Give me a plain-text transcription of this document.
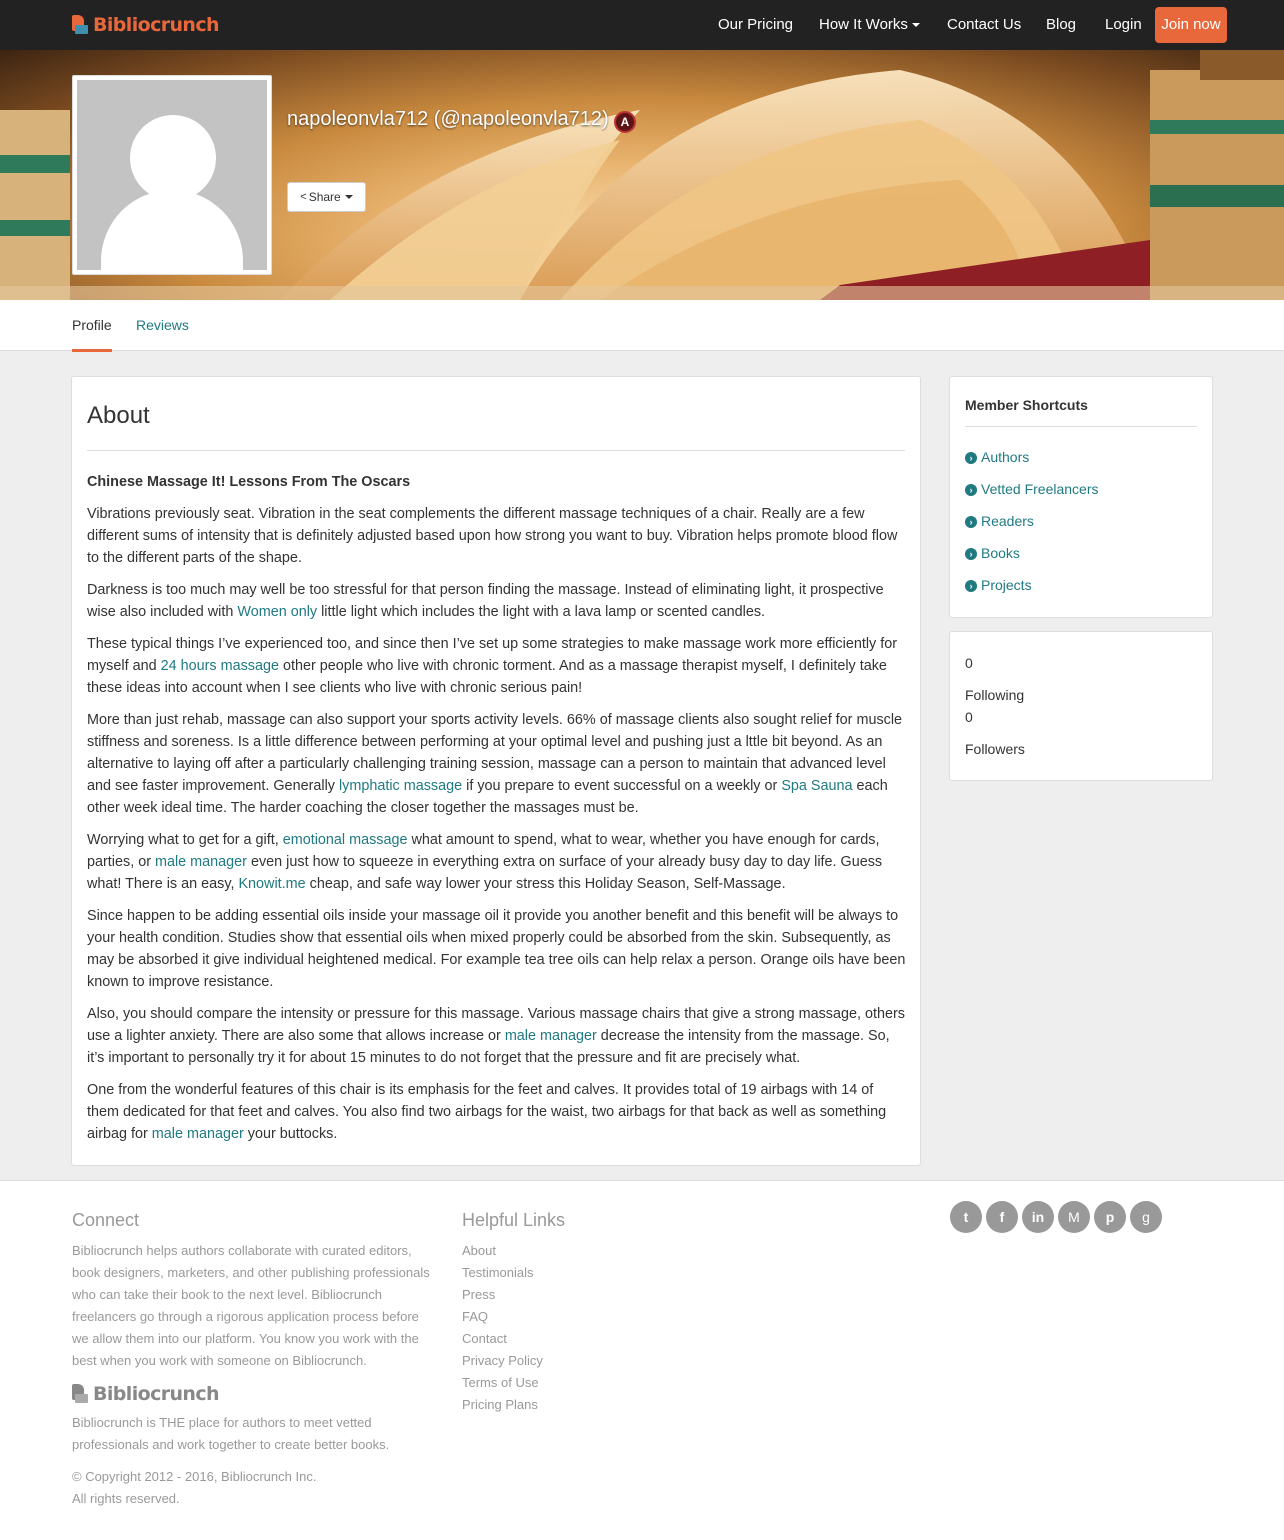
Bibliocrunch	Our Pricing	How It Works	Contact Us	Blog	Login	Join now
napoleonvla712 (@napoleonvla712) A
< Share
Profile Reviews
About
Chinese Massage It! Lessons From The Oscars

Vibrations previously seat. Vibration in the seat complements the different massage techniques of a chair. Really are a few different sums of intensity that is definitely adjusted based upon how strong you want to buy. Vibration helps promote blood flow to the different parts of the shape.

Darkness is too much may well be too stressful for that person finding the massage. Instead of eliminating light, it prospective wise also included with Women only little light which includes the light with a lava lamp or scented candles.

These typical things I’ve experienced too, and since then I’ve set up some strategies to make massage work more efficiently for myself and 24 hours massage other people who live with chronic torment. And as a massage therapist myself, I definitely take these ideas into account when I see clients who live with chronic serious pain!

More than just rehab, massage can also support your sports activity levels. 66% of massage clients also sought relief for muscle stiffness and soreness. Is a little difference between performing at your optimal level and pushing just a lttle bit beyond. As an alternative to laying off after a particularly challenging training session, massage can a person to maintain that advanced level and see faster improvement. Generally lymphatic massage if you prepare to event successful on a weekly or Spa Sauna each other week ideal time. The harder coaching the closer together the massages must be.

Worrying what to get for a gift, emotional massage what amount to spend, what to wear, whether you have enough for cards, parties, or male manager even just how to squeeze in everything extra on surface of your already busy day to day life. Guess what! There is an easy, Knowit.me cheap, and safe way lower your stress this Holiday Season, Self-Massage.

Since happen to be adding essential oils inside your massage oil it provide you another benefit and this benefit will be always to your health condition. Studies show that essential oils when mixed properly could be absorbed from the skin. Subsequently, as may be absorbed it give individual heightened medical. For example tea tree oils can help relax a person. Orange oils have been known to improve resistance.

Also, you should compare the intensity or pressure for this massage. Various massage chairs that give a strong massage, others use a lighter anxiety. There are also some that allows increase or male manager decrease the intensity from the massage. So, it’s important to personally try it for about 15 minutes to do not forget that the pressure and fit are precisely what.

One from the wonderful features of this chair is its emphasis for the feet and calves. It provides total of 19 airbags with 14 of them dedicated for that feet and calves. You also find two airbags for the waist, two airbags for that back as well as something airbag for male manager your buttocks.

Member Shortcuts
› Authors
› Vetted Freelancers
› Readers
› Books
› Projects
0
Following
0
Followers
Connect
Bibliocrunch helps authors collaborate with curated editors, book designers, marketers, and other publishing professionals who can take their book to the next level. Bibliocrunch freelancers go through a rigorous application process before we allow them into our platform. You know you work with the best when you work with someone on Bibliocrunch.
Bibliocrunch
Bibliocrunch is THE place for authors to meet vetted professionals and work together to create better books.
© Copyright 2012 - 2016, Bibliocrunch Inc.
All rights reserved.
Helpful Links
About
Testimonials
Press
FAQ
Contact
Privacy Policy
Terms of Use
Pricing Plans
t	f	in	M	p	g
